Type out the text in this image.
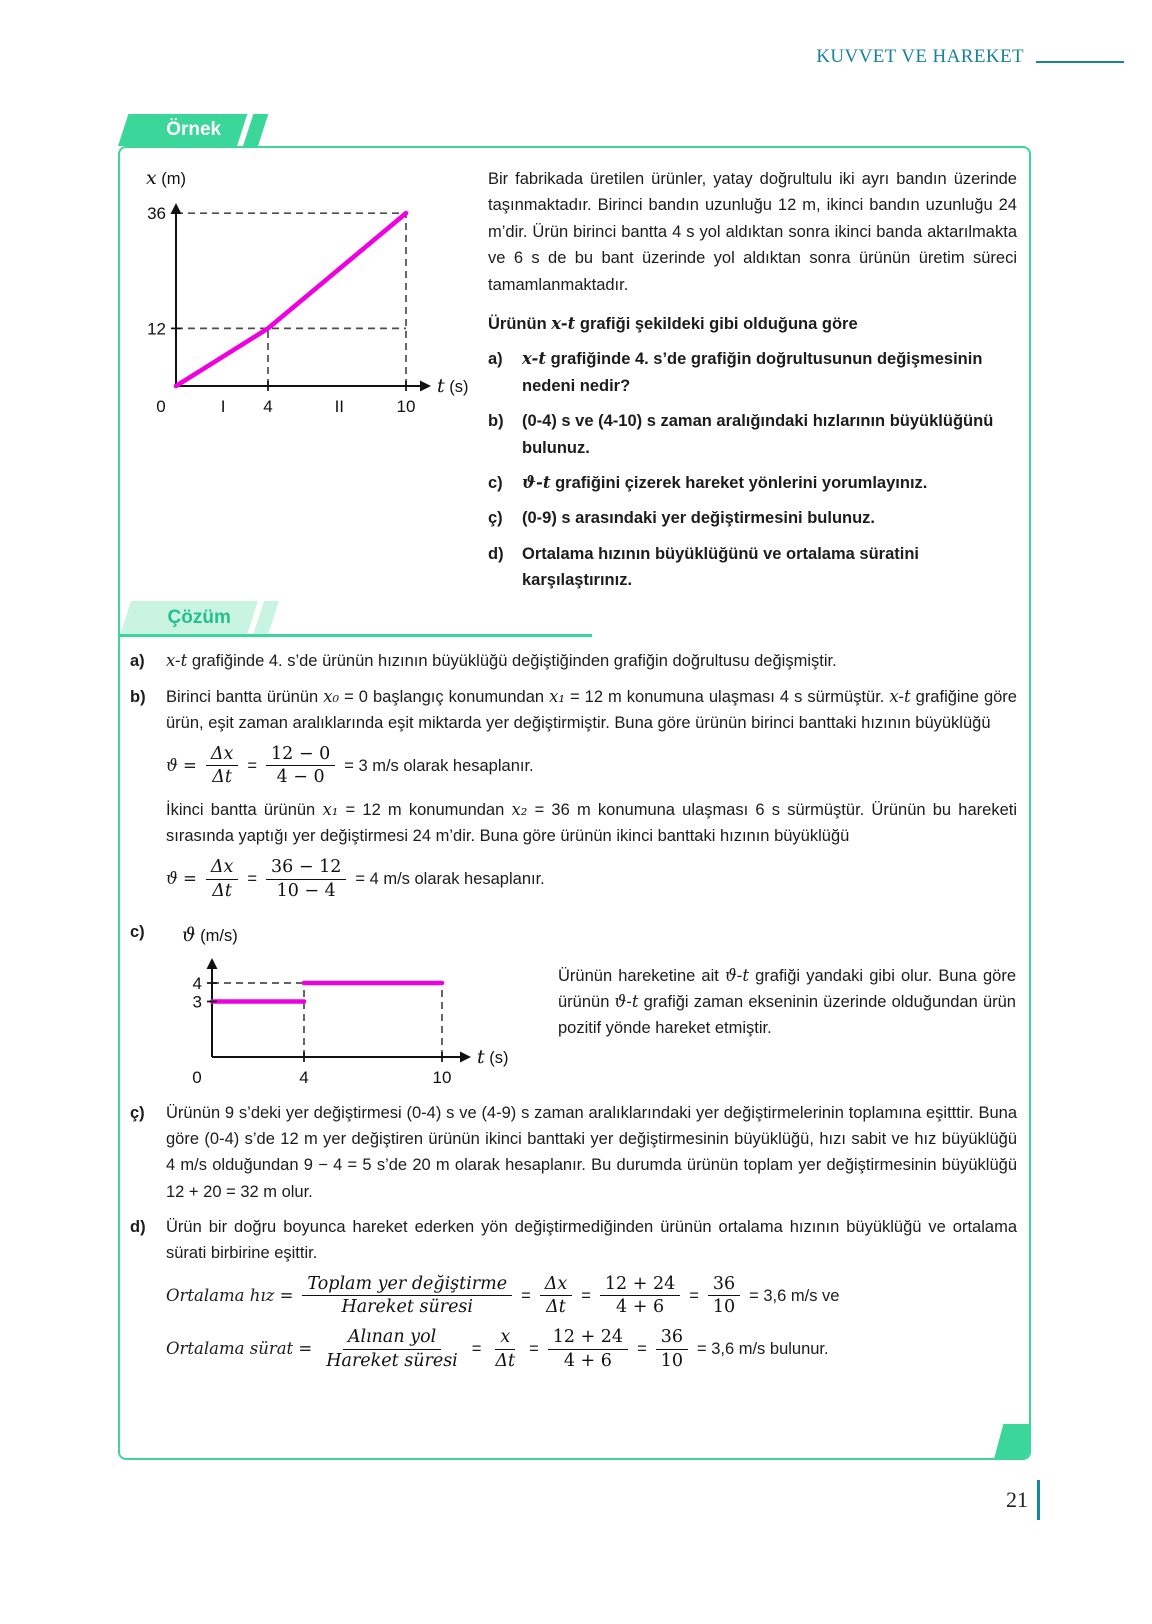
KUVVET VE HAREKET
Örnek
36
12
0	I 4	II	10
x (m)
t (s)

Bir fabrikada üretilen ürünler, yatay doğrultulu iki ayrı bandın üzerinde taşınmaktadır. Birinci bandın uzunluğu 12 m, ikinci bandın uzunluğu 24 m’dir. Ürün birinci bantta 4 s yol aldıktan sonra ikinci banda aktarılmakta ve 6 s de bu bant üzerinde yol aldıktan sonra ürünün üretim süreci tamamlanmaktadır.

Ürünün x-t grafiği şekildeki gibi olduğuna göre

a)	x-t grafiğinde 4. s’de grafiğin doğrultusunun değişmesinin nedeni nedir?
b)	(0-4) s ve (4-10) s zaman aralığındaki hızlarının büyüklüğünü bulunuz.
c)	ϑ-t grafiğini çizerek hareket yönlerini yorumlayınız.
ç)	(0-9) s arasındaki yer değiştirmesini bulunuz.
d)	Ortalama hızının büyüklüğünü ve ortalama süratini karşılaştırınız.
Çözüm
a)	x-t grafiğinde 4. s’de ürünün hızının büyüklüğü değiştiğinden grafiğin doğrultusu değişmiştir.
b)	Birinci bantta ürünün x₀ = 0 başlangıç konumundan x₁ = 12 m konumuna ulaşması 4 s sürmüştür. x-t grafiğine göre ürün, eşit zaman aralıklarında eşit miktarda yer değiştirmiştir. Buna göre ürünün birinci banttaki hızının büyüklüğü
$ϑ = \frac{\Delta x}{\Delta t} = \frac{12 - 0}{4 - 0} = 3$ m/s olarak hesaplanır.
İkinci bantta ürünün x₁ = 12 m konumundan x₂ = 36 m konumuna ulaşması 6 s sürmüştür. Ürünün bu hareketi sırasında yaptığı yer değiştirmesi 24 m’dir. Buna göre ürünün ikinci banttaki hızının büyüklüğü
$ϑ = \frac{\Delta x}{\Delta t} = \frac{36 - 12}{10 - 4} = 4$ m/s olarak hesaplanır.
c)
4
3
0	4	10
ϑ (m/s)
t (s)
Ürünün hareketine ait ϑ-t grafiği yandaki gibi olur. Buna göre ürünün ϑ-t grafiği zaman ekseninin üzerinde olduğundan ürün pozitif yönde hareket etmiştir.
ç)	Ürünün 9 s’deki yer değiştirmesi (0-4) s ve (4-9) s zaman aralıklarındaki yer değiştirmelerinin toplamına eşitttir. Buna göre (0-4) s’de 12 m yer değiştiren ürünün ikinci banttaki yer değiştirmesinin büyüklüğü, hızı sabit ve hız büyüklüğü 4 m/s olduğundan 9 − 4 = 5 s’de 20 m olarak hesaplanır. Bu durumda ürünün toplam yer değiştirmesinin büyüklüğü 12 + 20 = 32 m olur.
d)	Ürün bir doğru boyunca hareket ederken yön değiştirmediğinden ürünün ortalama hızının büyüklüğü ve ortalama sürati birbirine eşittir.
Ortalama hız = $\frac{\text{Toplam yer değiştirme}}{\text{Hareket süresi}} = \frac{\Delta x}{\Delta t} = \frac{12 + 24}{4 + 6} = \frac{36}{10} = 3,6$ m/s ve
Ortalama sürat = $\frac{\text{Alınan yol}}{\text{Hareket süresi}} = \frac{x}{\Delta t} = \frac{12 + 24}{4 + 6} = \frac{36}{10} = 3,6$ m/s bulunur.
21
